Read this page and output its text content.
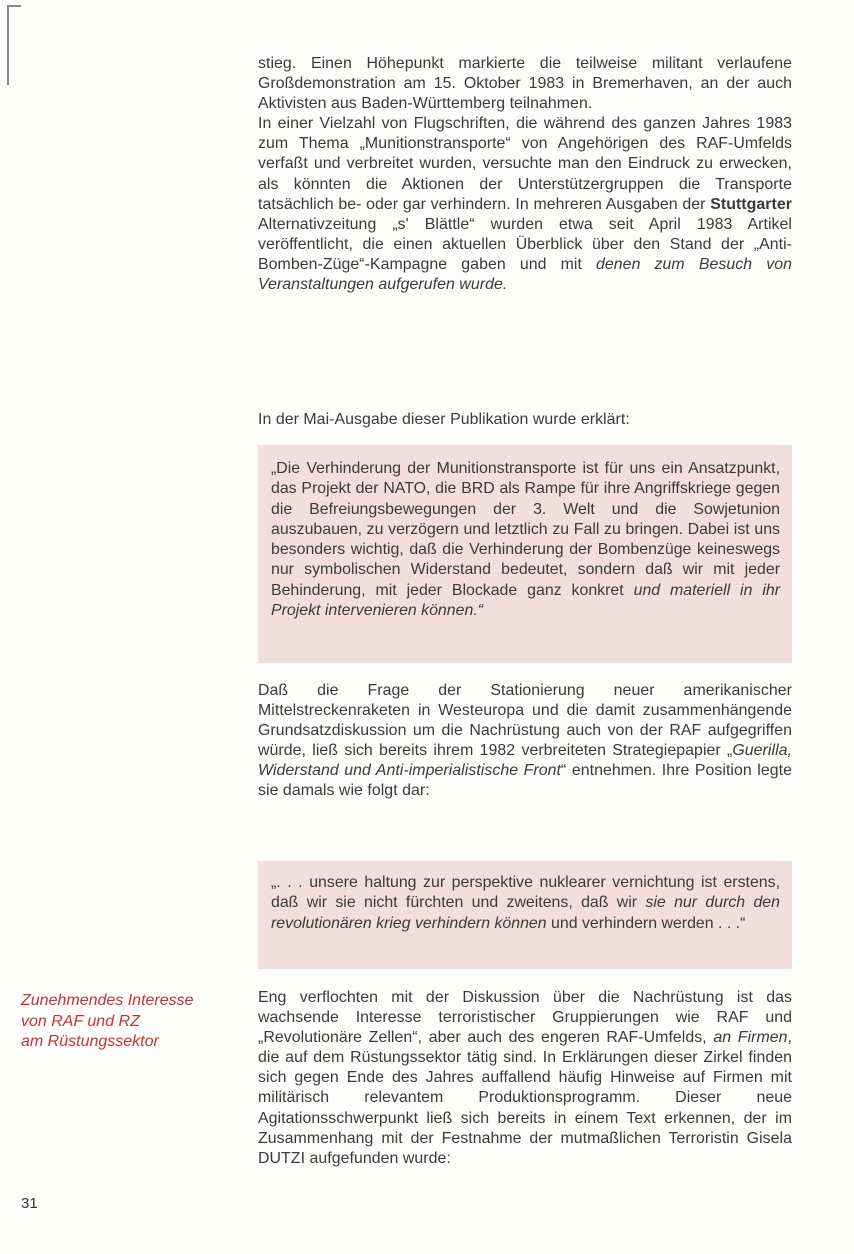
stieg. Einen Höhepunkt markierte die teilweise militant verlaufene Großdemonstration am 15. Oktober 1983 in Bremerhaven, an der auch Aktivisten aus Baden-Württemberg teilnahmen.

In einer Vielzahl von Flugschriften, die während des ganzen Jahres 1983 zum Thema „Munitionstransporte“ von Angehörigen des RAF-Umfelds verfaßt und verbreitet wurden, versuchte man den Eindruck zu erwecken, als könnten die Aktionen der Unterstützergruppen die Transporte tatsächlich be- oder gar verhindern. In mehreren Ausgaben der Stuttgarter Alternativzeitung „s' Blättle“ wurden etwa seit April 1983 Artikel veröffentlicht, die einen aktuellen Überblick über den Stand der „Anti-Bomben-Züge“-Kampagne gaben und mit denen zum Besuch von Veranstaltungen aufgerufen wurde.

In der Mai-Ausgabe dieser Publikation wurde erklärt:

„Die Verhinderung der Munitionstransporte ist für uns ein Ansatzpunkt, das Projekt der NATO, die BRD als Rampe für ihre Angriffskriege gegen die Befreiungsbewegungen der 3. Welt und die Sowjetunion auszubauen, zu verzögern und letztlich zu Fall zu bringen. Dabei ist uns besonders wichtig, daß die Verhinderung der Bombenzüge keineswegs nur symbolischen Widerstand bedeutet, sondern daß wir mit jeder Behinderung, mit jeder Blockade ganz konkret und materiell in ihr Projekt intervenieren können.“

Daß die Frage der Stationierung neuer amerikanischer Mittelstreckenraketen in Westeuropa und die damit zusammenhängende Grundsatzdiskussion um die Nachrüstung auch von der RAF aufgegriffen würde, ließ sich bereits ihrem 1982 verbreiteten Strategiepapier „Guerilla, Widerstand und Anti-imperialistische Front“ entnehmen. Ihre Position legte sie damals wie folgt dar:

„. . . unsere haltung zur perspektive nuklearer vernichtung ist erstens, daß wir sie nicht fürchten und zweitens, daß wir sie nur durch den revolutionären krieg verhindern können und verhindern werden . . .“

Eng verflochten mit der Diskussion über die Nachrüstung ist das wachsende Interesse terroristischer Gruppierungen wie RAF und „Revolutionäre Zellen“, aber auch des engeren RAF-Umfelds, an Firmen, die auf dem Rüstungssektor tätig sind. In Erklärungen dieser Zirkel finden sich gegen Ende des Jahres auffallend häufig Hinweise auf Firmen mit militärisch relevantem Produktionsprogramm. Dieser neue Agitationsschwerpunkt ließ sich bereits in einem Text erkennen, der im Zusammenhang mit der Festnahme der mutmaßlichen Terroristin Gisela DUTZI aufgefunden wurde:

Zunehmendes Interesse
von RAF und RZ
am Rüstungssektor
31
